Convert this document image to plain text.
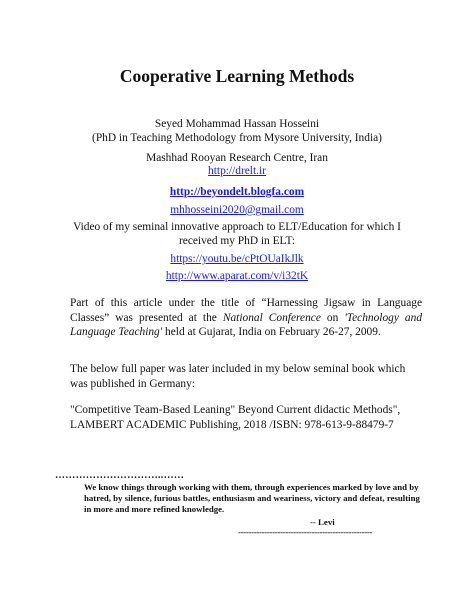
Cooperative Learning Methods
Seyed Mohammad Hassan Hosseini
(PhD in Teaching Methodology from Mysore University, India)
Mashhad Rooyan Research Centre, Iran
http://drelt.ir
http://beyondelt.blogfa.com
mhhosseini2020@gmail.com
Video of my seminal innovative approach to ELT/Education for which I
received my PhD in ELT:
https://youtu.be/cPtOUaIkJlk
http://www.aparat.com/v/i32tK
Part of this article under the title of “Harnessing Jigsaw in Language Classes” was presented at the National Conference on 'Technology and Language Teaching' held at Gujarat, India on February 26-27, 2009.
The below full paper was later included in my below seminal book which was published in Germany:
"Competitive Team-Based Leaning" Beyond Current didactic Methods", LAMBERT ACADEMIC Publishing, 2018 /ISBN: 978-613-9-88479-7
…………………………..……
We know things through working with them, through experiences marked by love and by hatred, by silence, furious battles, enthusiasm and weariness, victory and defeat, resulting in more and more refined knowledge.
-- Levi
---------------------------------------------------
